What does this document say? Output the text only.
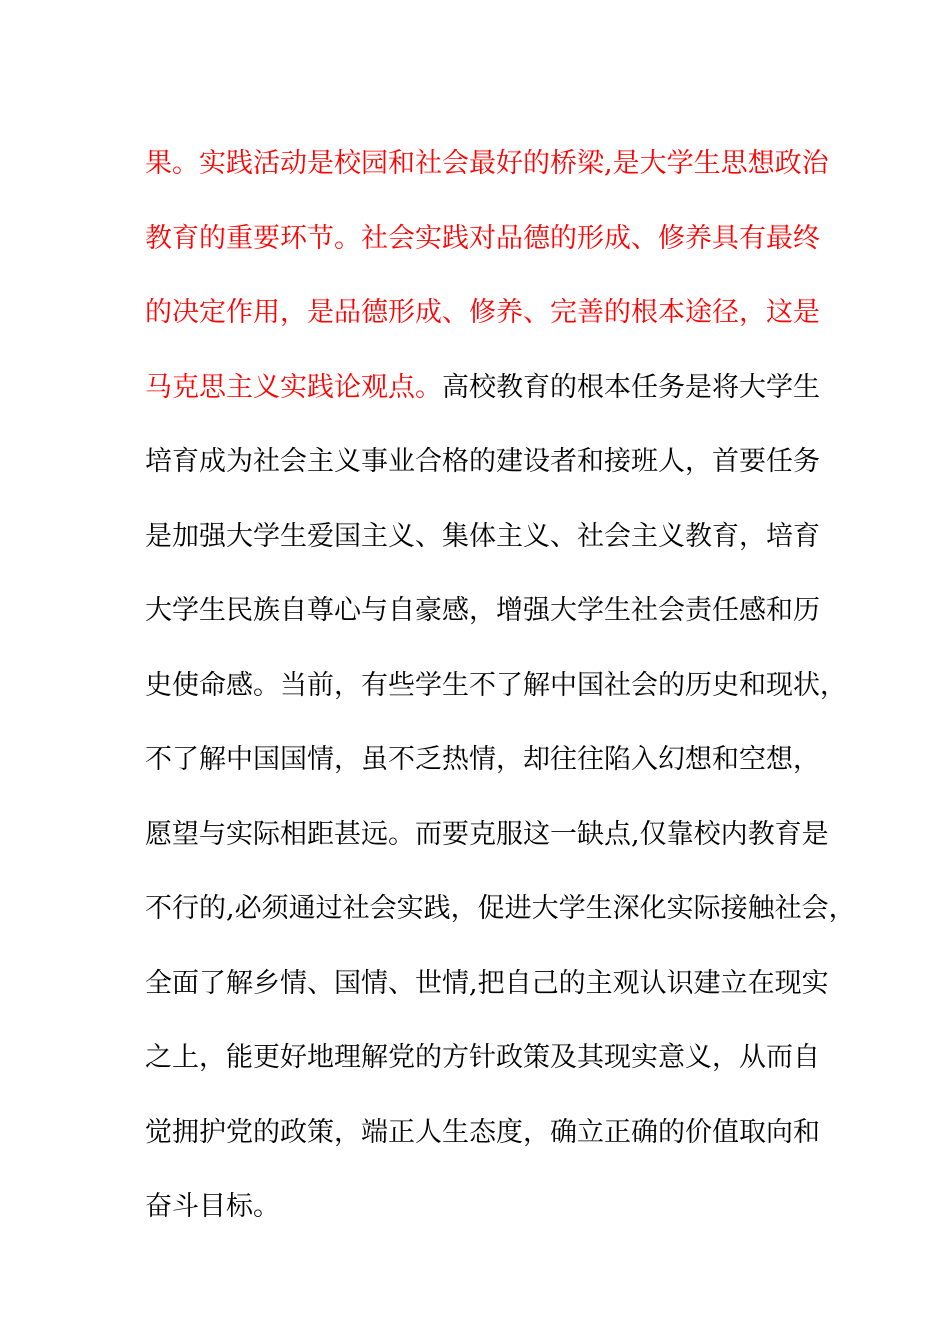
果。实践活动是校园和社会最好的桥梁,是大学生思想政治
教育的重要环节。社会实践对品德的形成、修养具有最终
的决定作用，是品德形成、修养、完善的根本途径，这是
马克思主义实践论观点。高校教育的根本任务是将大学生
培育成为社会主义事业合格的建设者和接班人，首要任务
是加强大学生爱国主义、集体主义、社会主义教育，培育
大学生民族自尊心与自豪感，增强大学生社会责任感和历
史使命感。当前，有些学生不了解中国社会的历史和现状，
不了解中国国情，虽不乏热情，却往往陷入幻想和空想，
愿望与实际相距甚远。而要克服这一缺点,仅靠校内教育是
不行的,必须通过社会实践，促进大学生深化实际接触社会，
全面了解乡情、国情、世情,把自己的主观认识建立在现实
之上，能更好地理解党的方针政策及其现实意义，从而自
觉拥护党的政策，端正人生态度，确立正确的价值取向和
奋斗目标。
